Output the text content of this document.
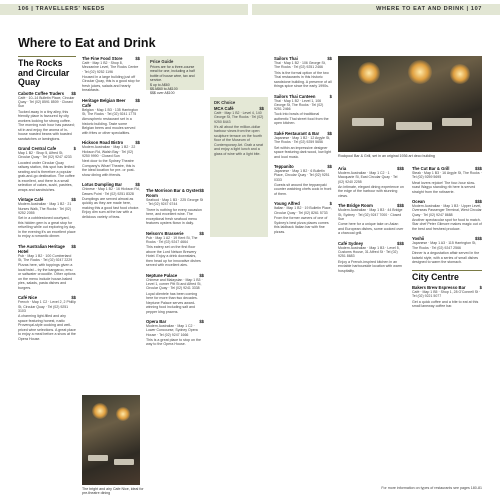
106 | TRAVELLERS' NEEDS	WHERE TO EAT AND DRINK | 107
Where to Eat and Drink
The Rocks and Circular Quay
Cabotte Coffee Traders $$
Café · 10–14 Bulletin Place, Circular Quay · Tel (02) 8591 8509 · Closed Sun
Tucked away in a tiny alley, this friendly place is favoured by city workers looking for strong coffee. The morning rush hour has passed; sit in and enjoy the aroma of in-house roasted beans with toasted sandwiches or lamingtons.
Grand Central Cafe	$
Map 1 B2 · Shop 5, Alfred St, Circular Quay · Tel (02) 9247 4233
Located under Circular Quay railway station, this spot has limited seating and is therefore a popular grab-and-go destination. The coffee is excellent, and there is a small selection of cakes, sushi, pastries, wraps and sandwiches.
Vintage Café	$$
Modern Australian · Map 1 B2 · 21 Nurses Walk, The Rocks · Tel (02) 9252 2055
Set in a cobblestoned courtyard, this hidden gem is a great stop for refuelling while out exploring by day. In the evening it's an excellent place to enjoy a romantic dinner.
The Australian Heritage Hotel
$$
Pub · Map 1 B2 · 100 Cumberland St, The Rocks · Tel (02) 9247 2229
Pizzas here, with toppings given a local twist – try the kangaroo, emu or saltwater crocodile. Other options on the menu include house-baked pies, salads, pasta dishes and burgers.
Café Nice	$$
French · Map 1 C2 · Level 2, 2 Phillip St, Circular Quay · Tel (02) 9251 3103
A charming light-filled and airy space featuring honest, rustic Provençal-style cooking and well-priced wine selections. A great place to enjoy a meal before a show at the Opera House.
The Fine Food Store	$$
Café · Map 1 B2 · Shop 8, Mezzanine Level, The Rocks Centre · Tel (02) 9252 1196
Housed in a large building just off Circular Quay, this is a good stop for fresh juices, salads and hearty breakfasts.
Heritage Belgian Beer Café
$$
Belgian · Map 1 B3 · 135 Harrington St, The Rocks · Tel (02) 9241 1775
Atmospheric restaurant set in a historic building. Taste some Belgian beers and moules served with frites or other specialities.
Hickson Road Bistro	$$
Modern Australian · Map 1 B2 · 22 Hickson Rd, Walsh Bay · Tel (02) 9250 9990 · Closed Sun
Next door to the Sydney Theatre Company's Wharf Theatre, this is the ideal location for pre- or post-show dining with friends.
Lotus Dumpling Bar	$$
Chinese · Map 1 B2 · 16 Hickson Rd, Dawes Point · Tel (02) 9251 8328
Dumplings are served almost as quickly as they are made here, making this a good fast food choice. Enjoy dim sum at the bar with a delicious variety of teas.
The bright and airy Cafe Nice, ideal for pre-theatre dining
Price Guide
Prices are for a three-course meal for one, including a half bottle of house wine, tax and service.
$ up to A$60
$$ A$60 to A$100
$$$ over A$100
The Morrison Bar & Oyster Room
$$
Seafood · Map 1 B3 · 225 George St · Tel (02) 9247 6744
There is nothing for every occasion here, and excellent wine. The exceptional fresh seafood menu features oysters flown in daily.
Nelson's Brasserie	$$
Pub · Map 1 A2 · 19 Kent St, The Rocks · Tel (02) 9247 4664
This eatery set on the first floor above the Lord Nelson Brewery Hotel. Enjoy a drink downstairs, then head up for innovative dishes served with excellent ales.
Neptune Palace	$$
Chinese and Malaysian · Map 1 B3 · Level 1, corner Pitt St and Alfred St, Circular Quay · Tel (02) 9241 3338
Loyal clientele has been coming here for more than two decades. Neptune Palace serves award-winning food including salt and pepper king prawns.
Opera Bar	$$
Modern Australian · Map 1 C2 · Lower Concourse, Sydney Opera House · Tel (02) 9247 1666
This is a great place to stop on the way to the Opera House.
DK Choice
MCA Café	$$
Café · Map 1 B2 · Level 4, 140 George St, The Rocks · Tel (02) 9250 8443
It's all about the million-dollar harbour views from the open sculpture terrace on the fourth floor of the Museum of Contemporary Art. Grab a seat and enjoy a light lunch and a glass of wine with a light bite.
Sailors Thai	$$
Thai · Map 1 B2 · 106 George St, The Rocks · Tel (02) 9251 2466
This is the formal option of the two Thai restaurants in this historic sandstone building. A preserve of all things spice since the early 1990s.
Sailors Thai Canteen	$
Thai · Map 1 B2 · Level 1, 106 George St, The Rocks · Tel (02) 9251 2466
Tuck into bowls of traditional authentic Thai street food from the open kitchen.
Saké Restaurant & Bar $$
Japanese · Map 1 B2 · 12 Argyle St, The Rocks · Tel (02) 9259 5656
Set within an impressive designer space featuring dark wood, low light and loud music.
Teppanito	$$
Japanese · Map 1 B2 · 6 Bulletin Place, Circular Quay · Tel (02) 9251 0333
Guests sit around the teppanyaki counter watching chefs cook in front of them.
Young Alfred	$
Italian · Map 1 B2 · 19 Bulletin Place, Circular Quay · Tel (02) 8261 5733
From the former owners of one of Sydney's best pizza places comes this laidback Italian bar with fine pizzas.
Rockpool Bar & Grill, set in an original 1936 art deco building
Aria	$$$
Modern Australian · Map 1 C2 · 1 Macquarie St, East Circular Quay · Tel (02) 9240 2255
An intimate, elegant dining experience on the edge of the harbour with stunning views.
The Bridge Room	$$$
Modern Australian · Map 1 B3 · 44 Bridge St, Sydney · Tel (02) 9247 7000 · Closed Sun
Come here for a unique take on Asian and European dishes, some cooked over a charcoal grill.
Café Sydney	$$$
Modern Australian · Map 1 B3 · Level 5, Customs House, 31 Alfred St · Tel (02) 9251 8683
Enjoy a French-inspired kitchen in an enviable harbourside location with warm hospitality.
The Cut Bar & Grill	$$$
Steak · Map 1 B3 · 16 Argyle St, The Rocks · Tel (02) 9259 5695
Meat lovers rejoice! The four-hour slow-roast Wagyu standing rib here is served straight from the rotisserie.
Ocean	$$$
Modern Australian · Map 1 B3 · Upper Level, Overseas Passenger Terminal, West Circular Quay · Tel (02) 9247 8688
Another spectacular spot for food to match. Star chef Peter Gilmore makes magic out of the best and freshest produce.
Yoshii	$$$
Japanese · Map 1 A3 · 115 Harrington St, The Rocks · Tel (02) 9247 2566
Dinner is a degustation affair served in the kaiseki style, with a series of small dishes designed to warm the stomach.
City Centre
Bakers Brew Espresso Bar	$
Café · Map 1 B5 · Shop 1, 28 O'Connell St · Tel (02) 9221 5077
Get a quick coffee and a bite to eat at this small laneway coffee bar.
For more information on types of restaurants see pages 180-81
